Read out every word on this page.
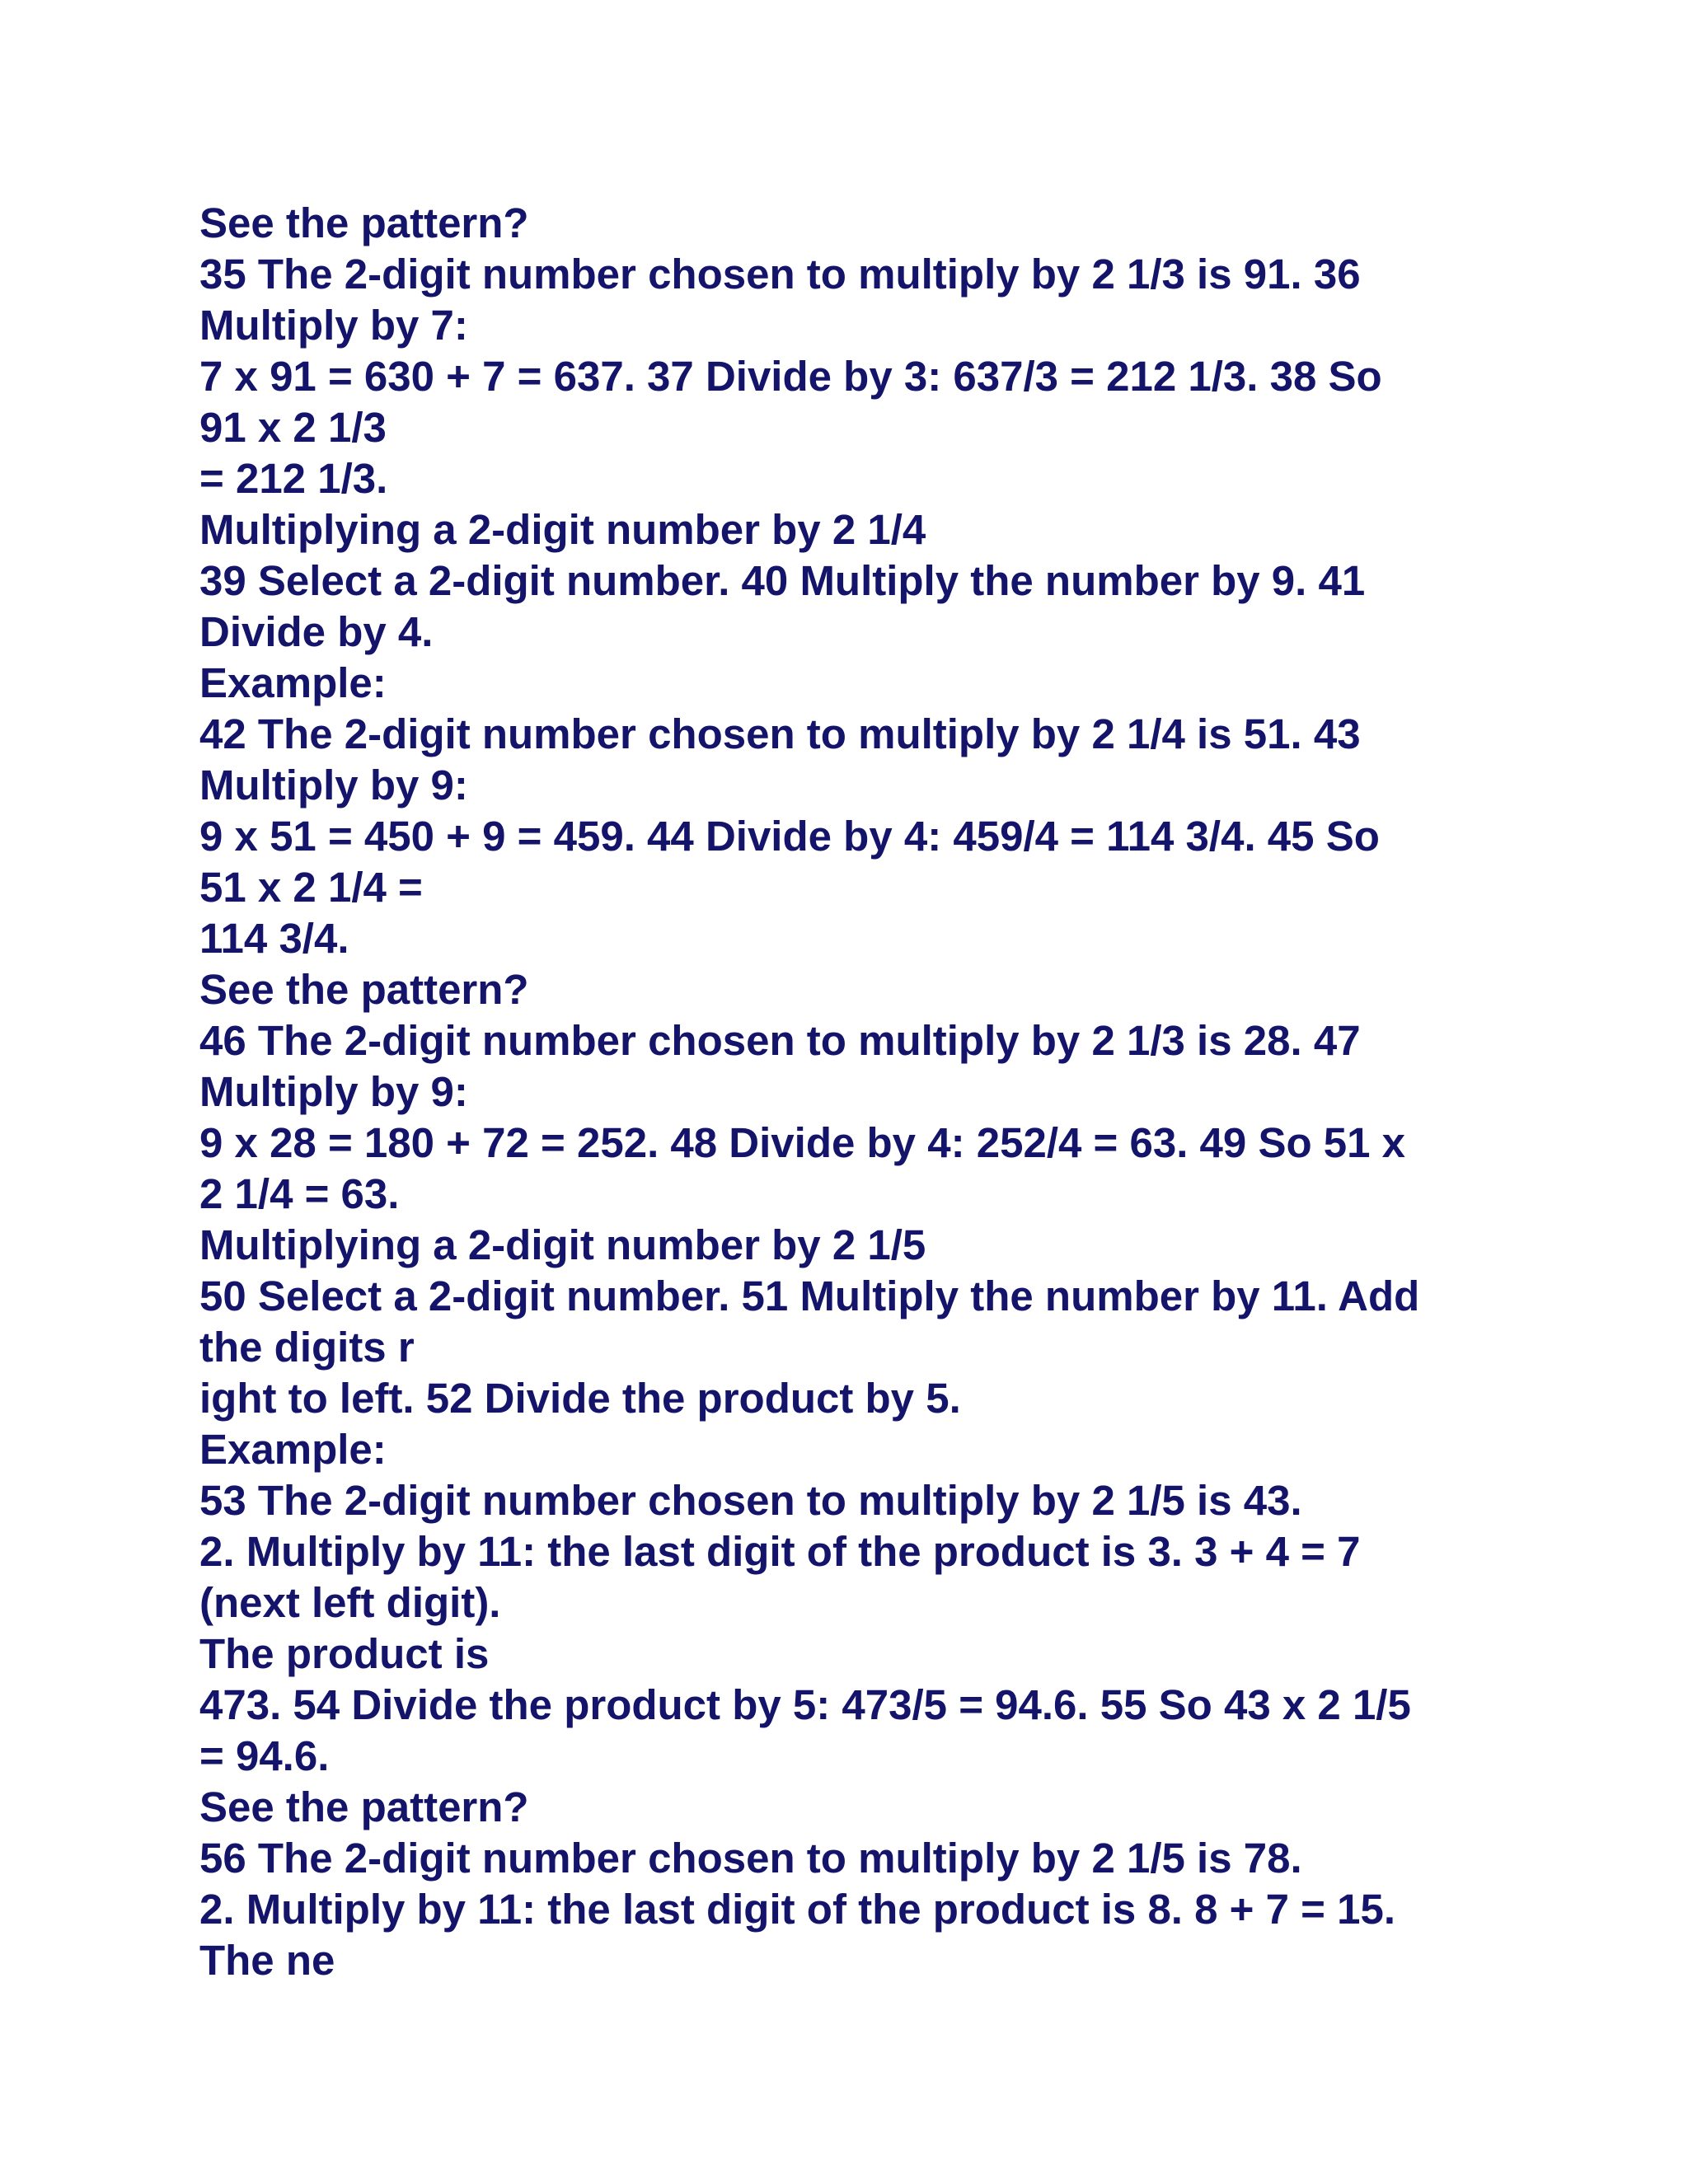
See the pattern?
35 The 2-digit number chosen to multiply by 2 1/3 is 91. 36
Multiply by 7:
7 x 91 = 630 + 7 = 637. 37 Divide by 3: 637/3 = 212 1/3. 38 So
91 x 2 1/3
= 212 1/3.
Multiplying a 2-digit number by 2 1/4
39 Select a 2-digit number. 40 Multiply the number by 9. 41
Divide by 4.
Example:
42 The 2-digit number chosen to multiply by 2 1/4 is 51. 43
Multiply by 9:
9 x 51 = 450 + 9 = 459. 44 Divide by 4: 459/4 = 114 3/4. 45 So
51 x 2 1/4 =
114 3/4.
See the pattern?
46 The 2-digit number chosen to multiply by 2 1/3 is 28. 47
Multiply by 9:
9 x 28 = 180 + 72 = 252. 48 Divide by 4: 252/4 = 63. 49 So 51 x
2 1/4 = 63.
Multiplying a 2-digit number by 2 1/5
50 Select a 2-digit number. 51 Multiply the number by 11. Add
the digits r
ight to left. 52 Divide the product by 5.
Example:
53 The 2-digit number chosen to multiply by 2 1/5 is 43.
2. Multiply by 11: the last digit of the product is 3. 3 + 4 = 7
(next left digit).
The product is
473. 54 Divide the product by 5: 473/5 = 94.6. 55 So 43 x 2 1/5
= 94.6.
See the pattern?
56 The 2-digit number chosen to multiply by 2 1/5 is 78.
2. Multiply by 11: the last digit of the product is 8. 8 + 7 = 15.
The ne
